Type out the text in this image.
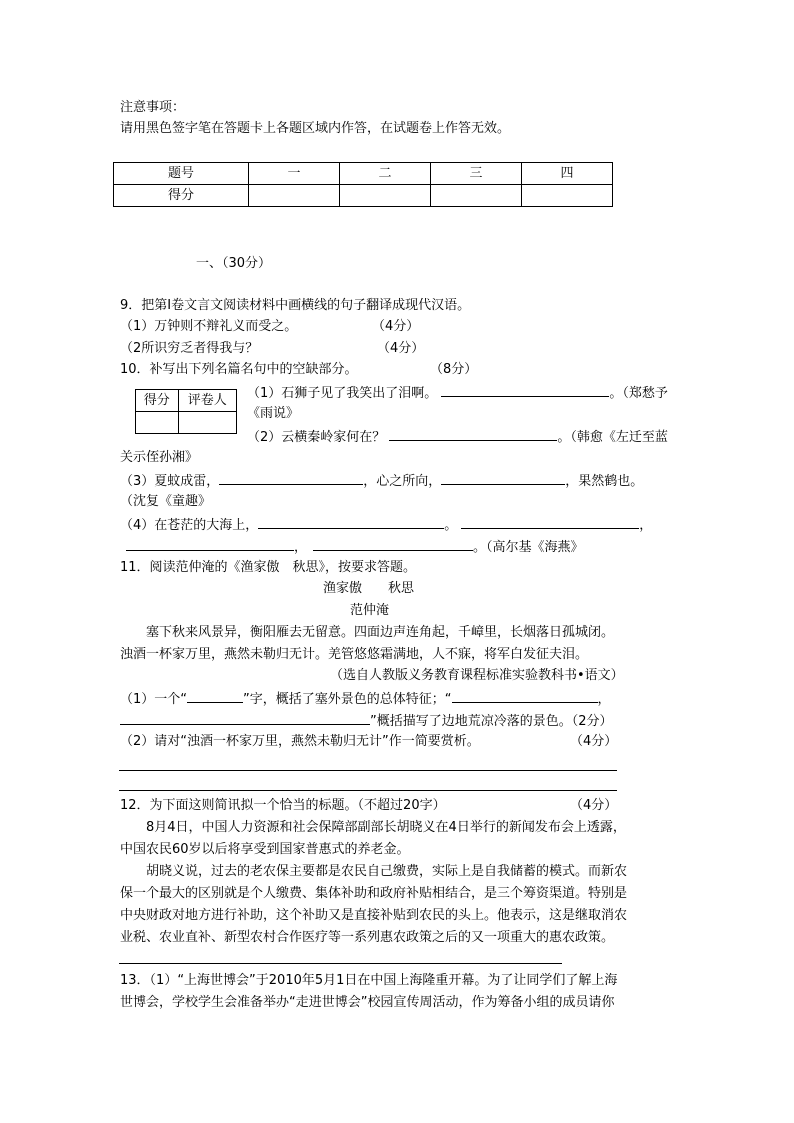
注意事项：
请用黑色签字笔在答题卡上各题区域内作答，在试题卷上作答无效。
题号	一	二	三	四
得分				
一、（30分）
9．把第Ⅰ卷文言文阅读材料中画横线的句子翻译成现代汉语。
（1）万钟则不辩礼义而受之。	（4分）
（2所识穷乏者得我与？	（4分）
10．补写出下列名篇名句中的空缺部分。	（8分）
得分	评卷人
	（1）石狮子见了我笑出了泪啊。	。（郑愁予
《雨说》
（2）云横秦岭家何在？	。（韩愈《左迁至蓝
关示侄孙湘》
（3）夏蚊成雷，	，心之所向，	，果然鹤也。
（沈复《童趣》
（4）在苍茫的大海上，	。	，
，	。（高尔基《海燕》
11．阅读范仲淹的《渔家傲　秋思》，按要求答题。
渔家傲　　秋思
范仲淹
塞下秋来风景异，衡阳雁去无留意。四面边声连角起，千嶂里，长烟落日孤城闭。
浊酒一杯家万里，燕然未勒归无计。羌管悠悠霜满地，人不寐，将军白发征夫泪。
（选自人教版义务教育课程标准实验教科书•语文）
（1）一个“	”字，概括了塞外景色的总体特征；“	，
”概括描写了边地荒凉冷落的景色。（2分）
（2）请对“浊酒一杯家万里，燕然未勒归无计”作一简要赏析。	（4分）
12．为下面这则简讯拟一个恰当的标题。（不超过20字）	（4分）
8月4日，中国人力资源和社会保障部副部长胡晓义在4日举行的新闻发布会上透露，
中国农民60岁以后将享受到国家普惠式的养老金。
胡晓义说，过去的老农保主要都是农民自己缴费，实际上是自我储蓄的模式。而新农
保一个最大的区别就是个人缴费、集体补助和政府补贴相结合，是三个筹资渠道。特别是
中央财政对地方进行补助，这个补助又是直接补贴到农民的头上。他表示，这是继取消农
业税、农业直补、新型农村合作医疗等一系列惠农政策之后的又一项重大的惠农政策。
13．（1）“上海世博会”于2010年5月1日在中国上海隆重开幕。为了让同学们了解上海
世博会，学校学生会准备举办“走进世博会”校园宣传周活动，作为筹备小组的成员请你
